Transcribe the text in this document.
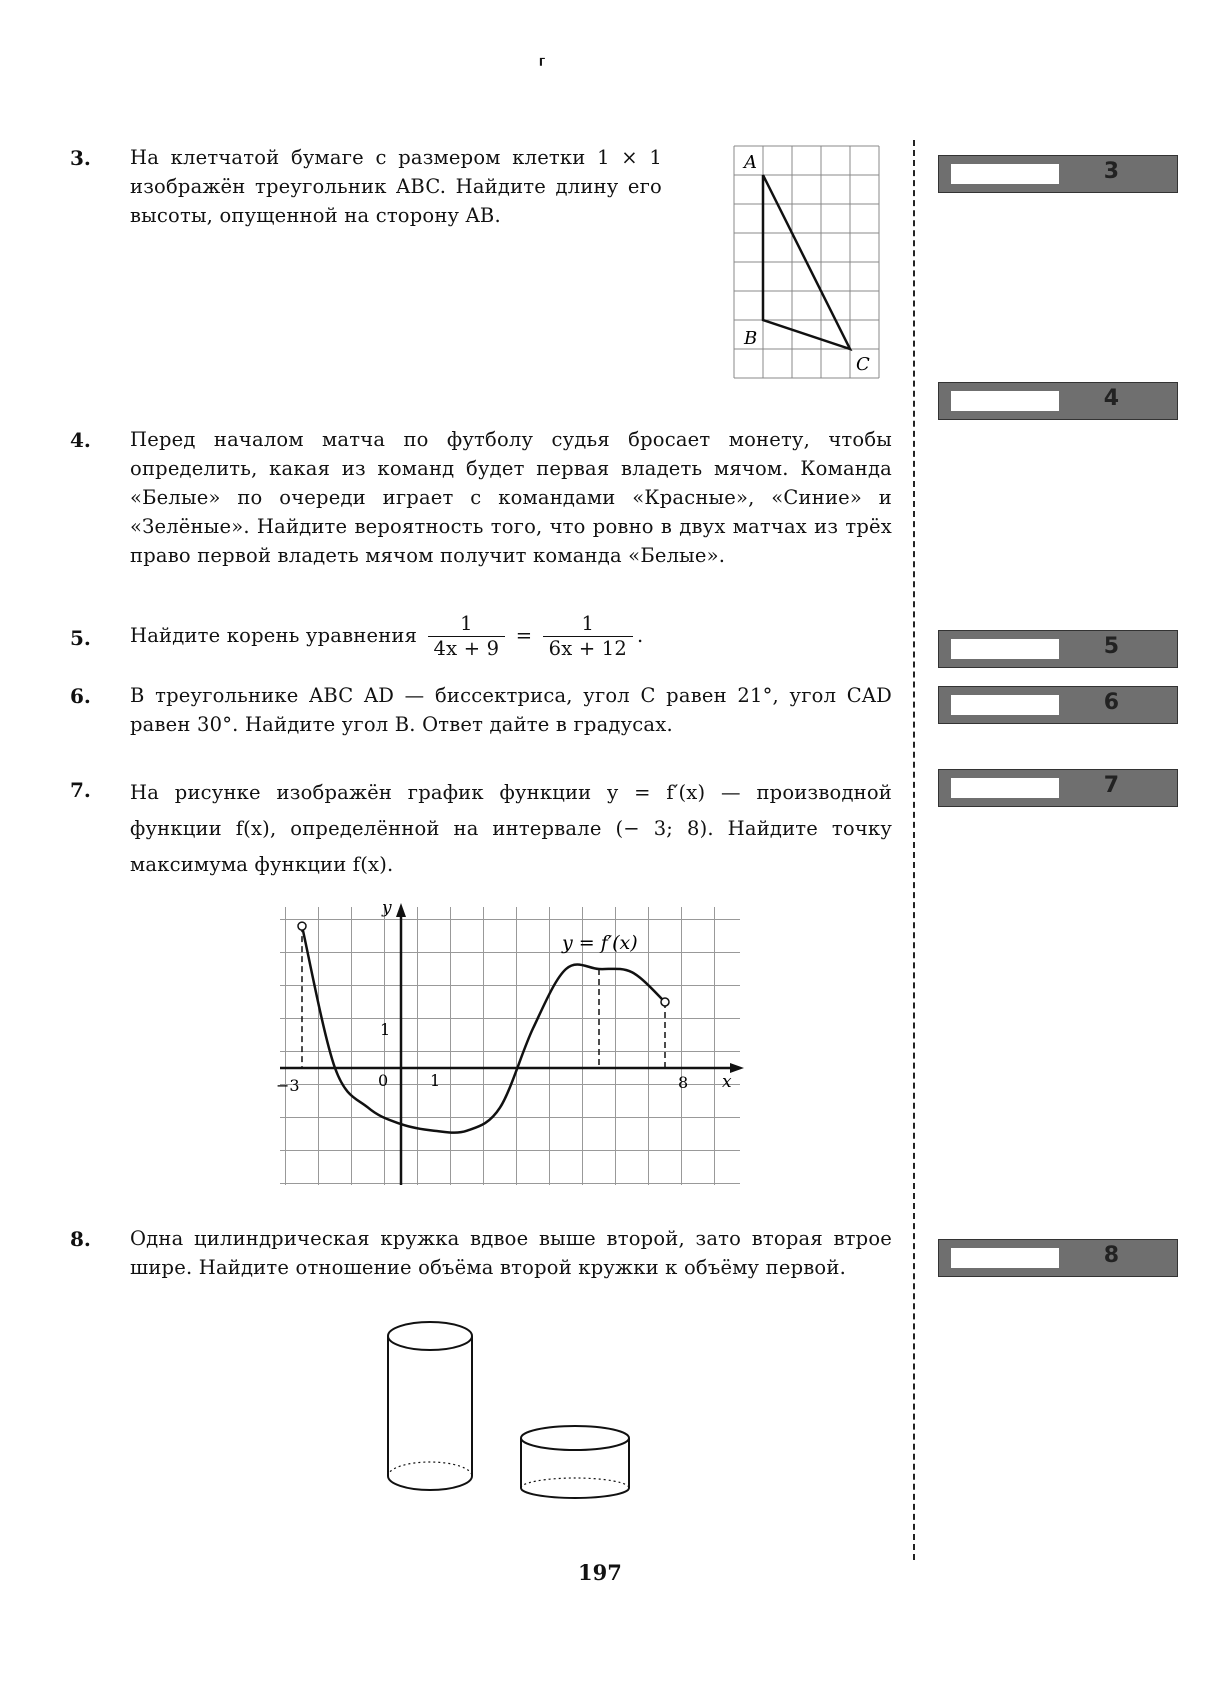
⸢
3. На клетчатой бумаге с размером клетки 1 × 1 изображён треугольник ABC. Найдите длину его высоты, опущенной на сторону AB.
A
B
C
4. Перед началом матча по футболу судья бросает монету, чтобы определить, какая из команд будет первая владеть мячом. Команда «Белые» по очереди играет с командами «Красные», «Синие» и «Зелёные». Найдите вероятность того, что ровно в двух матчах из трёх право первой владеть мячом получит команда «Белые».
5. Найдите корень уравнения $\frac{1}{4x + 9} = \frac{1}{6x + 12}$ .
6. В треугольнике ABC AD — биссектриса, угол C равен 21°, угол CAD равен 30°. Найдите угол B. Ответ дайте в градусах.
7. На рисунке изображён график функции y = f′(x) — производной функции f(x), определённой на интервале (− 3; 8). Найдите точку максимума функции f(x).
−3	0	1	8
1
x
y
y = f′(x)
8. Одна цилиндрическая кружка вдвое выше второй, зато вторая втрое шире. Найдите отношение объёма второй кружки к объёму первой.
3
4
5
6
7
8
197
